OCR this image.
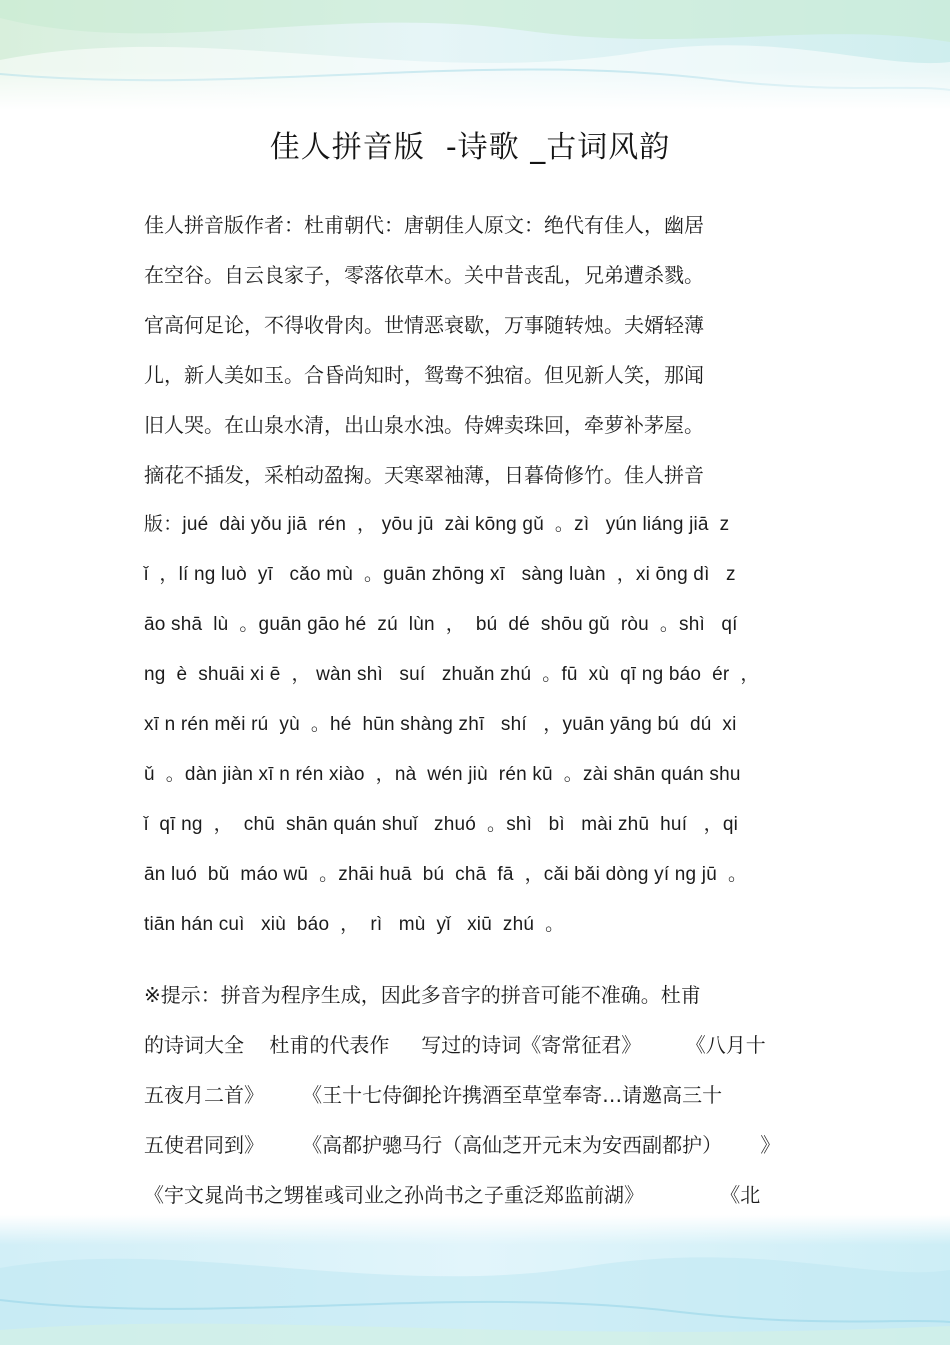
佳人拼音版  -诗歌 _古词风韵
佳人拼音版作者：杜甫朝代：唐朝佳人原文：绝代有佳人，幽居
在空谷。自云良家子，零落依草木。关中昔丧乱，兄弟遭杀戮。
官高何足论，不得收骨肉。世情恶衰歇，万事随转烛。夫婿轻薄
儿，新人美如玉。合昏尚知时，鸳鸯不独宿。但见新人笑，那闻
旧人哭。在山泉水清，出山泉水浊。侍婢卖珠回，牵萝补茅屋。
摘花不插发，采柏动盈掬。天寒翠袖薄，日暮倚修竹。佳人拼音
版：jué  dài yǒu jiā  rén  ， yōu jū  zài kōng gǔ  。zì   yún liáng jiā  z
ǐ  ，lí ng luò  yī   cǎo mù  。guān zhōng xī   sàng luàn  ，xi ōng dì   z
āo shā  lù  。guān gāo hé  zú  lùn  ，  bú  dé  shōu gǔ  ròu  。shì   qí
ng  è  shuāi xi ē  ， wàn shì   suí   zhuǎn zhú  。fū  xù  qī ng báo  ér  ，
xī n rén měi rú  yù  。hé  hūn shàng zhī   shí   ，yuān yāng bú  dú  xi
ǔ  。dàn jiàn xī n rén xiào  ，nà  wén jiù  rén kū  。zài shān quán shu
ǐ  qī ng  ，  chū  shān quán shuǐ   zhuó  。shì   bì   mài zhū  huí   ，qi
ān luó  bǔ  máo wū  。zhāi huā  bú  chā  fā  ，cǎi bǎi dòng yí ng jū  。
tiān hán cuì   xiù  báo  ，  rì   mù  yǐ   xiū  zhú  。
※提示：拼音为程序生成，因此多音字的拼音可能不准确。杜甫
的诗词大全    杜甫的代表作     写过的诗词《寄常征君》       《八月十
五夜月二首》      《王十七侍御抡许携酒至草堂奉寄…请邀高三十
五使君同到》      《高都护骢马行（高仙芝开元末为安西副都护）      》
《宇文晁尚书之甥崔彧司业之孙尚书之子重泛郑监前湖》            《北
